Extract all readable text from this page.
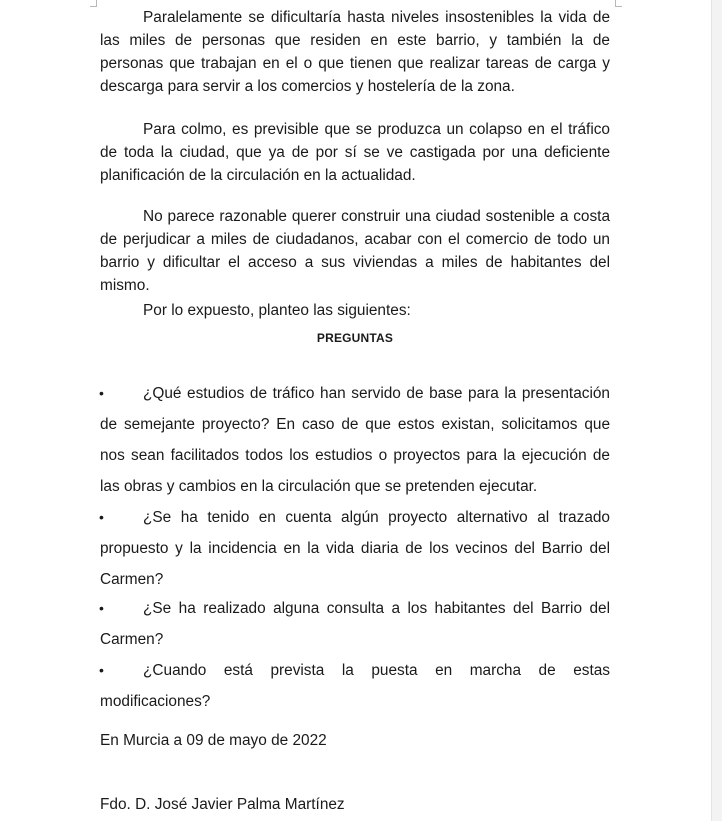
Paralelamente se dificultaría hasta niveles insostenibles la vida de las miles de personas que residen en este barrio, y también la de personas que trabajan en el o que tienen que realizar tareas de carga y descarga para servir a los comercios y hostelería de la zona.

Para colmo, es previsible que se produzca un colapso en el tráfico de toda la ciudad, que ya de por sí se ve castigada por una deficiente planificación de la circulación en la actualidad.

No parece razonable querer construir una ciudad sostenible a costa de perjudicar a miles de ciudadanos, acabar con el comercio de todo un barrio y dificultar el acceso a sus viviendas a miles de habitantes del mismo.

Por lo expuesto, planteo las siguientes:

PREGUNTAS
•	¿Qué estudios de tráfico han servido de base para la presentación de semejante proyecto? En caso de que estos existan, solicitamos que nos sean facilitados todos los estudios o proyectos para la ejecución de las obras y cambios en la circulación que se pretenden ejecutar.

•	¿Se ha tenido en cuenta algún proyecto alternativo al trazado propuesto y la incidencia en la vida diaria de los vecinos del Barrio del Carmen?

•	¿Se ha realizado alguna consulta a los habitantes del Barrio del Carmen?

•	¿Cuando está prevista la puesta en marcha de estas modificaciones?

En Murcia a 09 de mayo de 2022
Fdo. D. José Javier Palma Martínez
